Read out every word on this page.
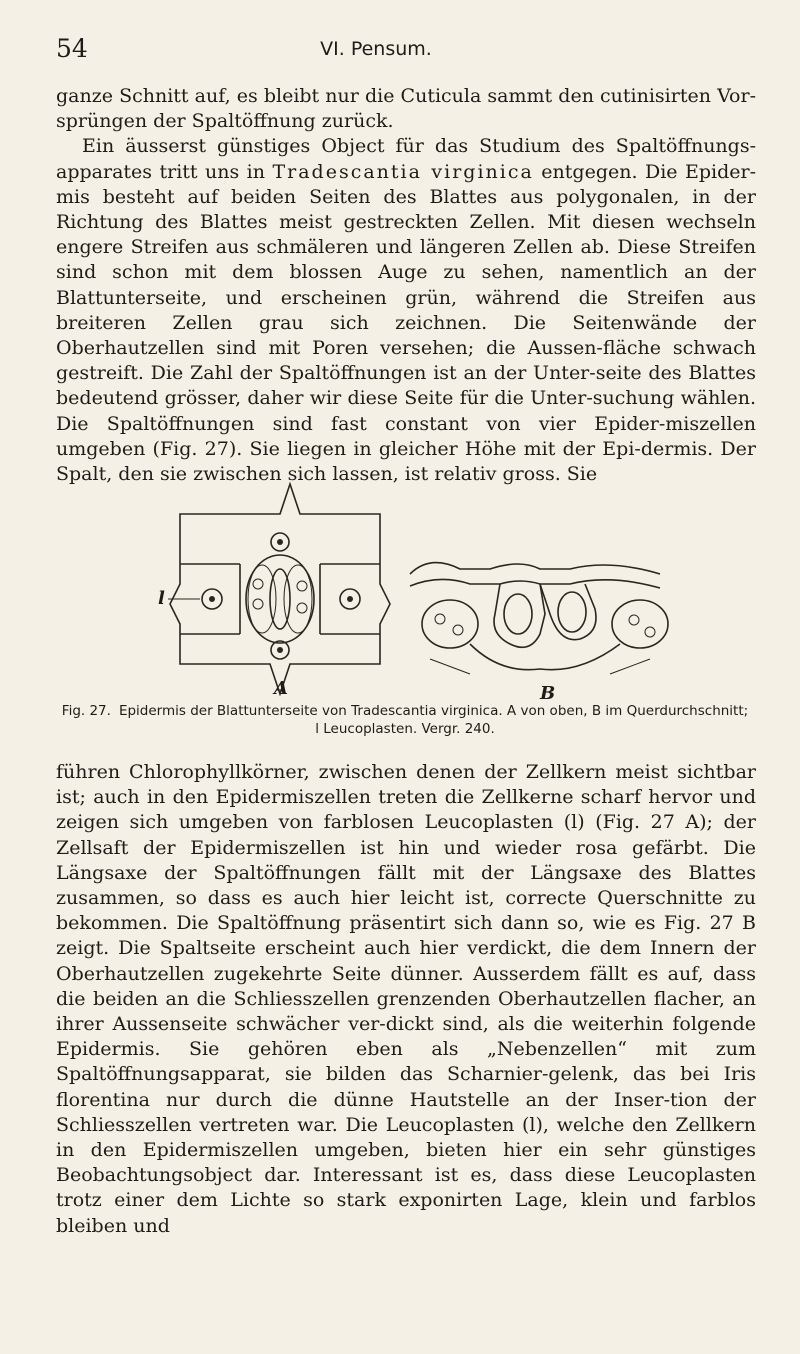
54	VI. Pensum.

ganze Schnitt auf, es bleibt nur die Cuticula sammt den cutinisirten Vor-sprüngen der Spaltöffnung zurück.

Ein äusserst günstiges Object für das Studium des Spaltöffnungs-apparates tritt uns in Tradescantia virginica entgegen. Die Epider-mis besteht auf beiden Seiten des Blattes aus polygonalen, in der Richtung des Blattes meist gestreckten Zellen. Mit diesen wechseln engere Streifen aus schmäleren und längeren Zellen ab. Diese Streifen sind schon mit dem blossen Auge zu sehen, namentlich an der Blattunterseite, und erscheinen grün, während die Streifen aus breiteren Zellen grau sich zeichnen. Die Seitenwände der Oberhautzellen sind mit Poren versehen; die Aussen-fläche schwach gestreift. Die Zahl der Spaltöffnungen ist an der Unter-seite des Blattes bedeutend grösser, daher wir diese Seite für die Unter-suchung wählen. Die Spaltöffnungen sind fast constant von vier Epider-miszellen umgeben (Fig. 27). Sie liegen in gleicher Höhe mit der Epi-dermis. Der Spalt, den sie zwischen sich lassen, ist relativ gross. Sie

l
A	B
Fig. 27. Epidermis der Blattunterseite von Tradescantia virginica. A von oben, B im Querdurchschnitt; l Leucoplasten. Vergr. 240.

führen Chlorophyllkörner, zwischen denen der Zellkern meist sichtbar ist; auch in den Epidermiszellen treten die Zellkerne scharf hervor und zeigen sich umgeben von farblosen Leucoplasten (l) (Fig. 27 A); der Zellsaft der Epidermiszellen ist hin und wieder rosa gefärbt. Die Längsaxe der Spaltöffnungen fällt mit der Längsaxe des Blattes zusammen, so dass es auch hier leicht ist, correcte Querschnitte zu bekommen. Die Spaltöffnung präsentirt sich dann so, wie es Fig. 27 B zeigt. Die Spaltseite erscheint auch hier verdickt, die dem Innern der Oberhautzellen zugekehrte Seite dünner. Ausserdem fällt es auf, dass die beiden an die Schliesszellen grenzenden Oberhautzellen flacher, an ihrer Aussenseite schwächer ver-dickt sind, als die weiterhin folgende Epidermis. Sie gehören eben als „Nebenzellen“ mit zum Spaltöffnungsapparat, sie bilden das Scharnier-gelenk, das bei Iris florentina nur durch die dünne Hautstelle an der Inser-tion der Schliesszellen vertreten war. Die Leucoplasten (l), welche den Zellkern in den Epidermiszellen umgeben, bieten hier ein sehr günstiges Beobachtungsobject dar. Interessant ist es, dass diese Leucoplasten trotz einer dem Lichte so stark exponirten Lage, klein und farblos bleiben und
